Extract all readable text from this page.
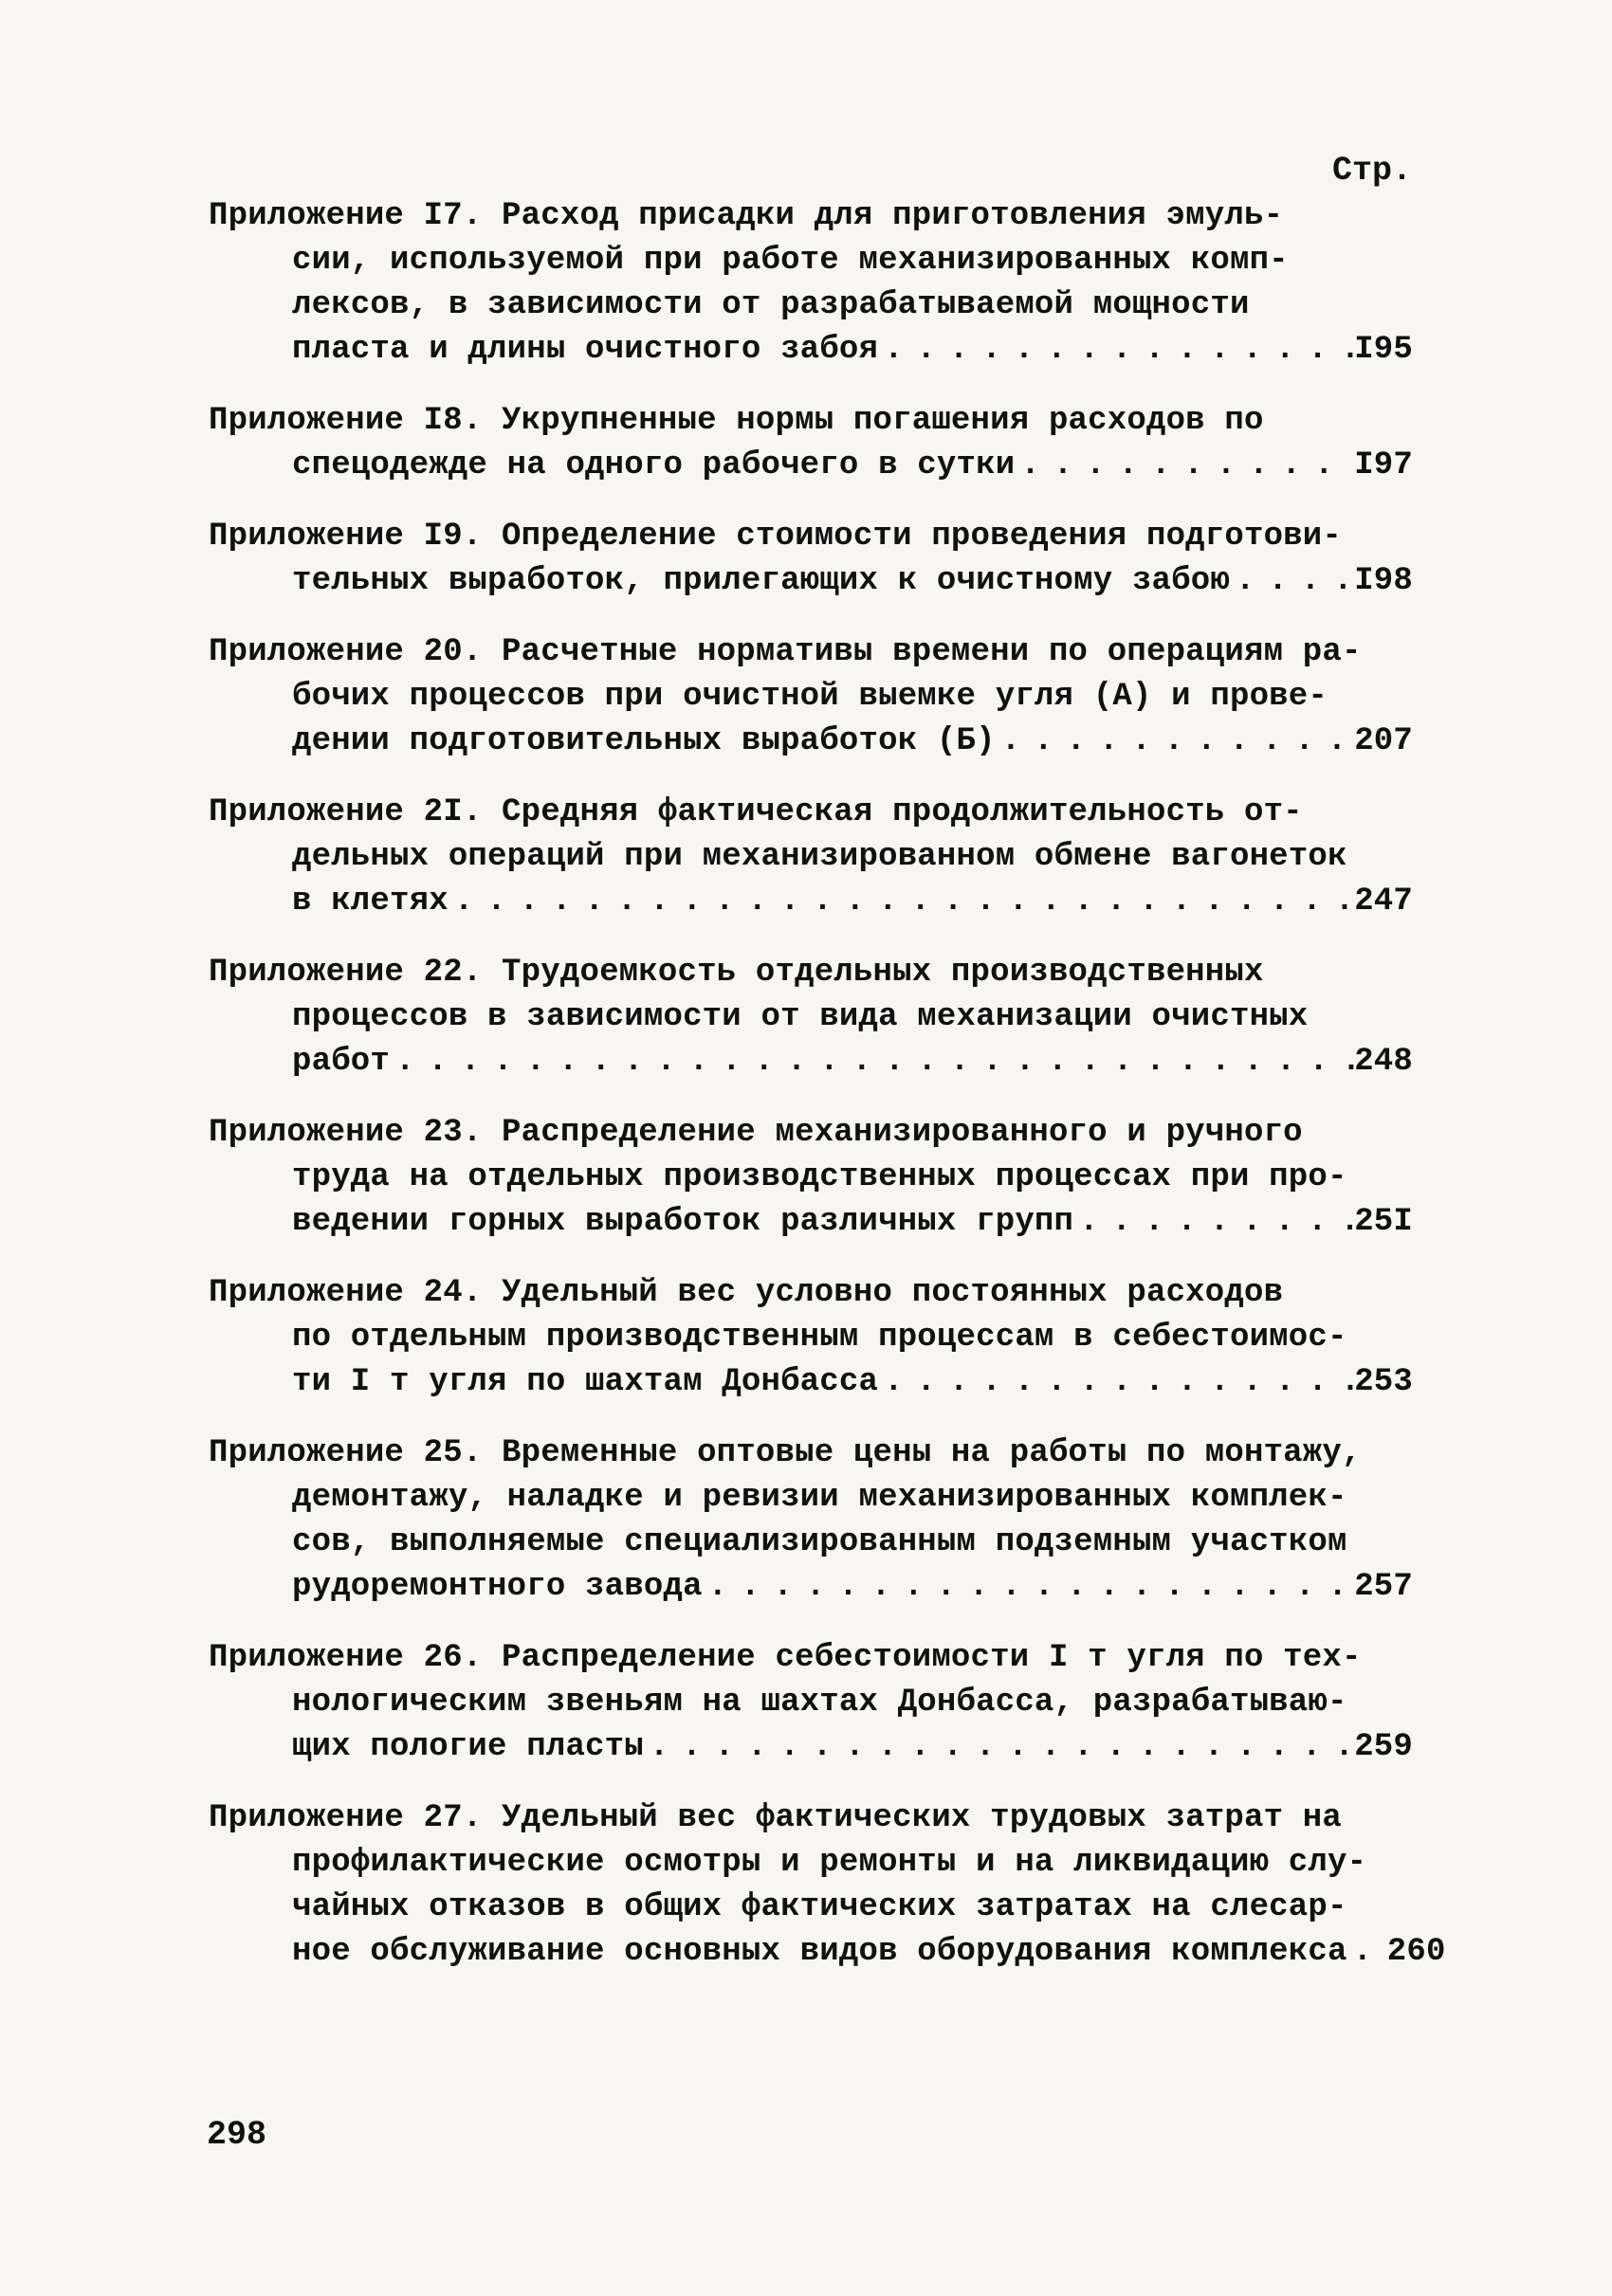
Стр.
Приложение I7. Расход присадки для приготовления эмуль-
сии, используемой при работе механизированных комп-
лексов, в зависимости от разрабатываемой мощности
пласта и длины очистного забоя .....	I95
Приложение I8. Укрупненные нормы погашения расходов по
спецодежде на одного рабочего в сутки .....	I97
Приложение I9. Определение стоимости проведения подготови-
тельных выработок, прилегающих к очистному забою .....	I98
Приложение 20. Расчетные нормативы времени по операциям ра-
бочих процессов при очистной выемке угля (А) и прове-
дении подготовительных выработок (Б) .....	207
Приложение 2I. Средняя фактическая продолжительность от-
дельных операций при механизированном обмене вагонеток
в клетях .....	247
Приложение 22. Трудоемкость отдельных производственных
процессов в зависимости от вида механизации очистных
работ .....	248
Приложение 23. Распределение механизированного и ручного
труда на отдельных производственных процессах при про-
ведении горных выработок различных групп .....	25I
Приложение 24. Удельный вес условно постоянных расходов
по отдельным производственным процессам в себестоимос-
ти I т угля по шахтам Донбасса .....	253
Приложение 25. Временные оптовые цены на работы по монтажу,
демонтажу, наладке и ревизии механизированных комплек-
сов, выполняемые специализированным подземным участком
рудоремонтного завода .....	257
Приложение 26. Распределение себестоимости I т угля по тех-
нологическим звеньям на шахтах Донбасса, разрабатываю-
щих пологие пласты .....	259
Приложение 27. Удельный вес фактических трудовых затрат на
профилактические осмотры и ремонты и на ликвидацию слу-
чайных отказов в общих фактических затратах на слесар-
ное обслуживание основных видов оборудования комплекса ..... 260
298
